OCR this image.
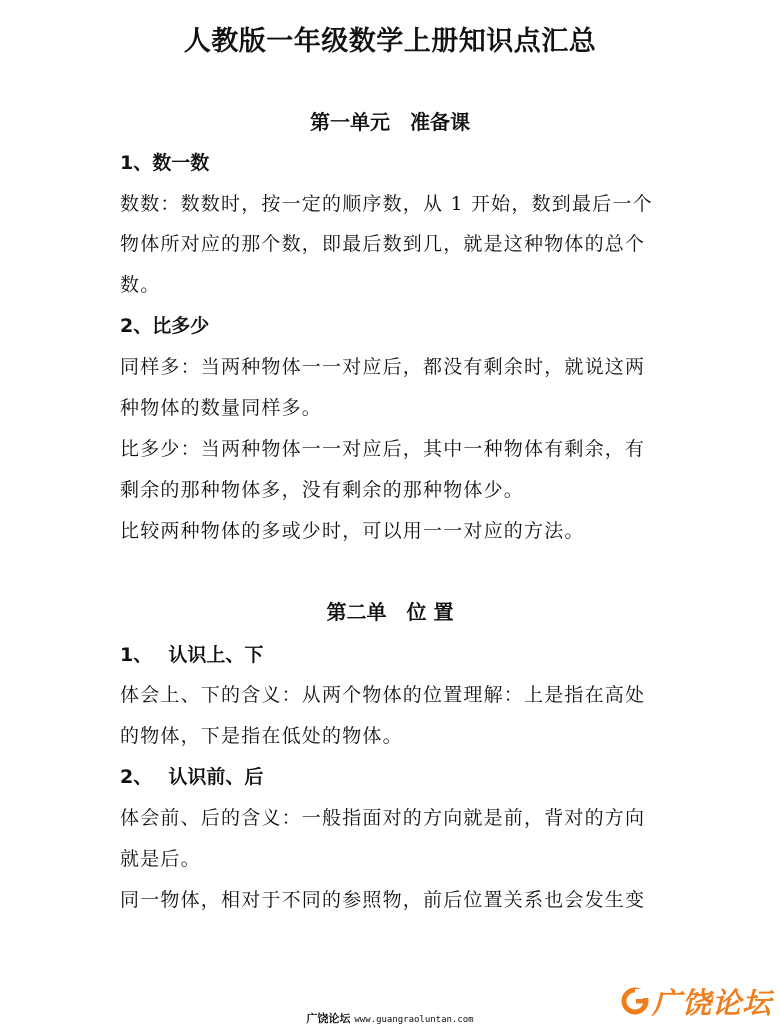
人教版一年级数学上册知识点汇总
第一单元　准备课
1、数一数
数数：数数时，按一定的顺序数，从 1 开始，数到最后一个
物体所对应的那个数，即最后数到几，就是这种物体的总个
数。
2、比多少
同样多：当两种物体一一对应后，都没有剩余时，就说这两
种物体的数量同样多。
比多少：当两种物体一一对应后，其中一种物体有剩余，有
剩余的那种物体多，没有剩余的那种物体少。
比较两种物体的多或少时，可以用一一对应的方法。
第二单　位 置
1、　 认识上、下
体会上、下的含义：从两个物体的位置理解：上是指在高处
的物体，下是指在低处的物体。
2、　 认识前、后
体会前、后的含义：一般指面对的方向就是前，背对的方向
就是后。
同一物体，相对于不同的参照物，前后位置关系也会发生变
广饶论坛 www.guangraoluntan.com
广饶论坛
